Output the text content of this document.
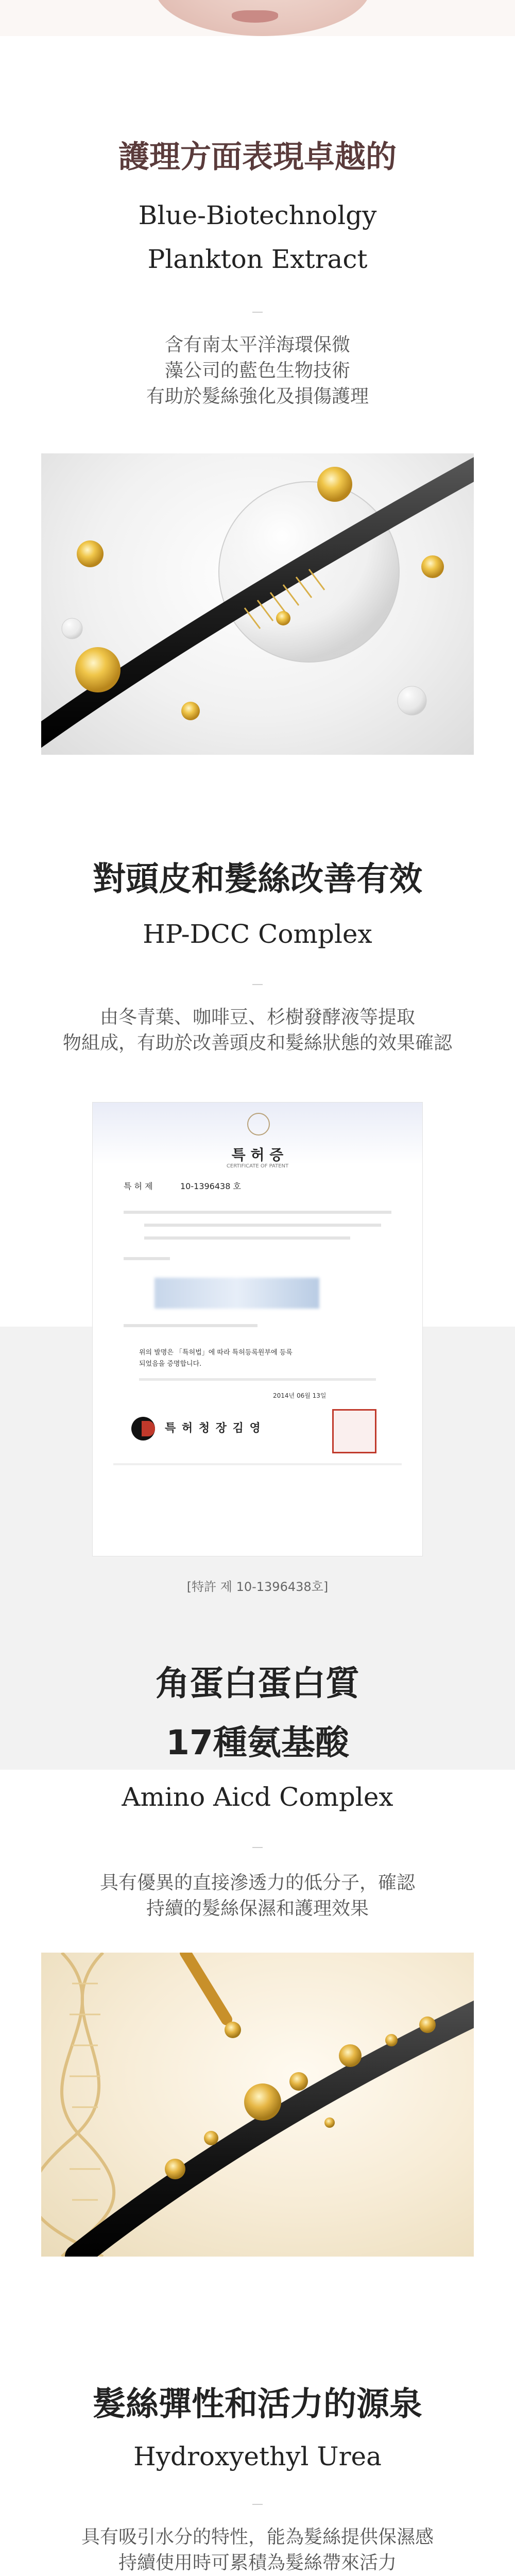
護理方面表現卓越的
Blue-Biotechnolgy
Plankton Extract
含有南太平洋海環保微
藻公司的藍色生物技術
有助於髮絲強化及損傷護理
對頭皮和髮絲改善有效
HP-DCC Complex
由冬青葉、咖啡豆、杉樹發酵液等提取
物組成，有助於改善頭皮和髮絲狀態的效果確認
특 허 증
CERTIFICATE OF PATENT
특 허 제	10-1396438 호
위의 발명은 「특허법」에 따라 특허등록원부에 등록
되었음을 증명합니다.
2014년 06월 13일
특 허 청 장 김 영
[特許 제 10-1396438호]
角蛋白蛋白質
17種氨基酸
Amino Aicd Complex
具有優異的直接滲透力的低分子，確認
持續的髮絲保濕和護理效果
髮絲彈性和活力的源泉
Hydroxyethyl Urea
具有吸引水分的特性，能為髮絲提供保濕感
持續使用時可累積為髮絲帶來活力
